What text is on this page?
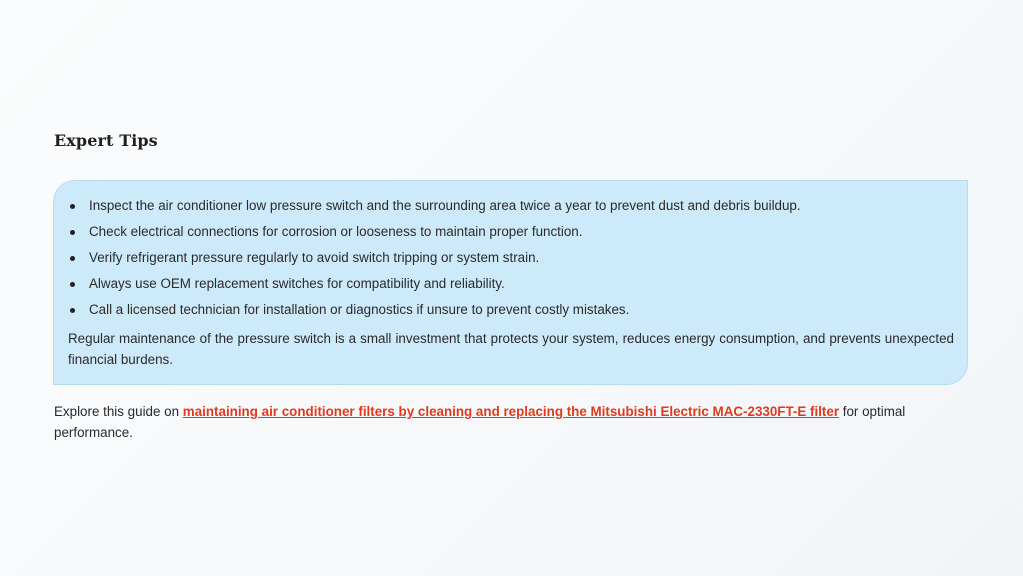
Expert Tips
Inspect the air conditioner low pressure switch and the surrounding area twice a year to prevent dust and debris buildup.
Check electrical connections for corrosion or looseness to maintain proper function.
Verify refrigerant pressure regularly to avoid switch tripping or system strain.
Always use OEM replacement switches for compatibility and reliability.
Call a licensed technician for installation or diagnostics if unsure to prevent costly mistakes.

Regular maintenance of the pressure switch is a small investment that protects your system, reduces energy consumption, and prevents unexpected financial burdens.

Explore this guide on maintaining air conditioner filters by cleaning and replacing the Mitsubishi Electric MAC-2330FT-E filter for optimal performance.
